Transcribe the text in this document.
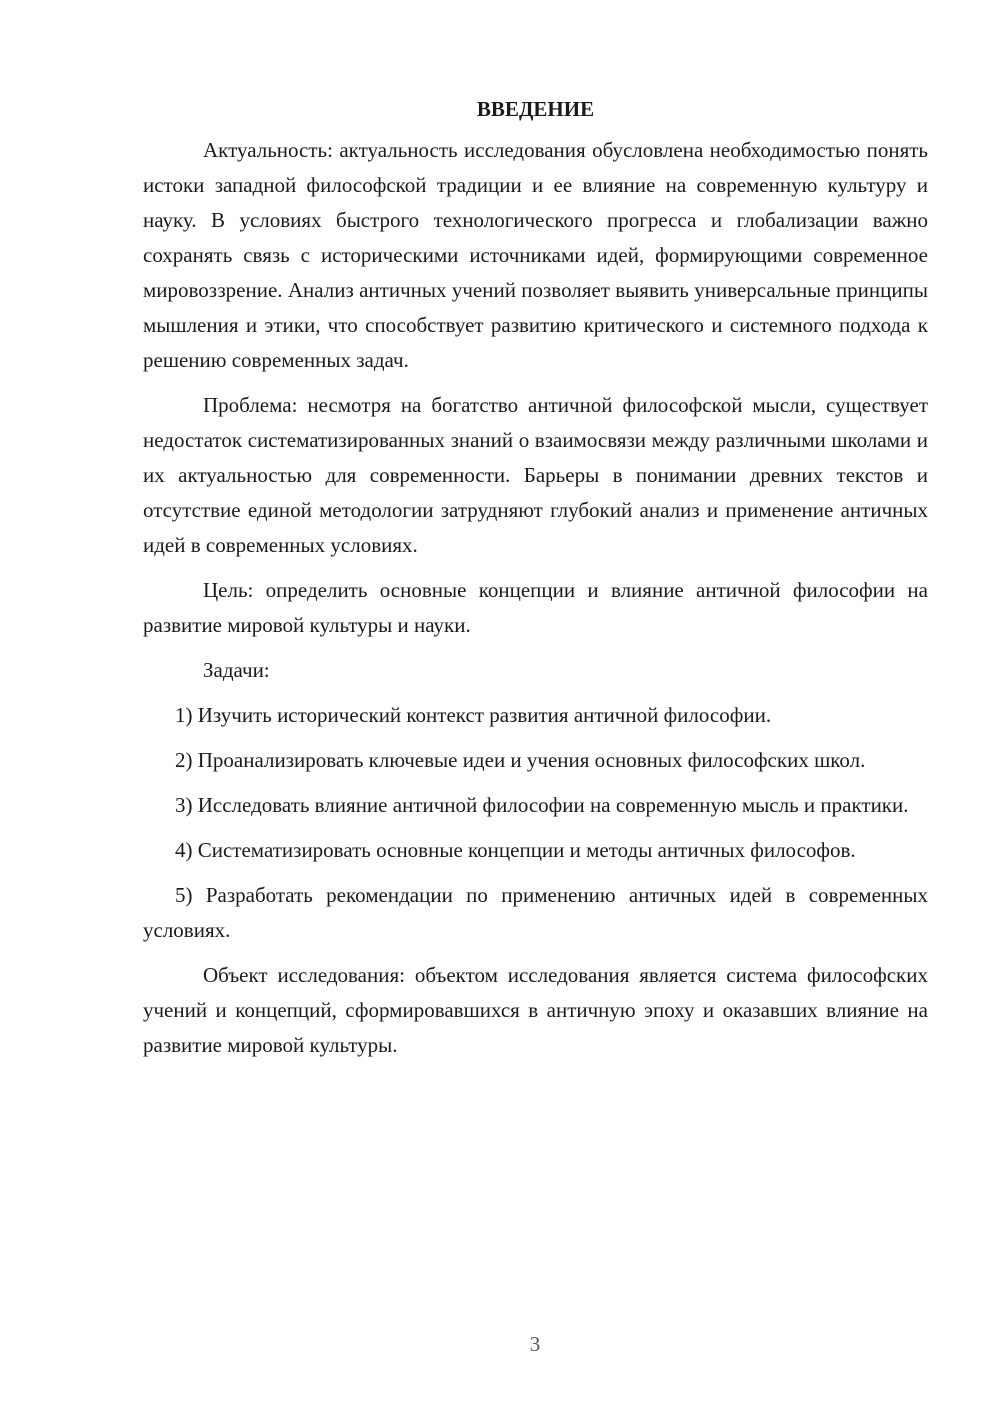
ВВЕДЕНИЕ

Актуальность: актуальность исследования обусловлена необходимостью понять истоки западной философской традиции и ее влияние на современную культуру и науку. В условиях быстрого технологического прогресса и глобализации важно сохранять связь с историческими источниками идей, формирующими современное мировоззрение. Анализ античных учений позволяет выявить универсальные принципы мышления и этики, что способствует развитию критического и системного подхода к решению современных задач.

Проблема: несмотря на богатство античной философской мысли, существует недостаток систематизированных знаний о взаимосвязи между различными школами и их актуальностью для современности. Барьеры в понимании древних текстов и отсутствие единой методологии затрудняют глубокий анализ и применение античных идей в современных условиях.

Цель: определить основные концепции и влияние античной философии на развитие мировой культуры и науки.

Задачи:

1) Изучить исторический контекст развития античной философии.

2) Проанализировать ключевые идеи и учения основных философских школ.

3) Исследовать влияние античной философии на современную мысль и практики.

4) Систематизировать основные концепции и методы античных философов.

5) Разработать рекомендации по применению античных идей в современных условиях.

Объект исследования: объектом исследования является система философских учений и концепций, сформировавшихся в античную эпоху и оказавших влияние на развитие мировой культуры.

3
